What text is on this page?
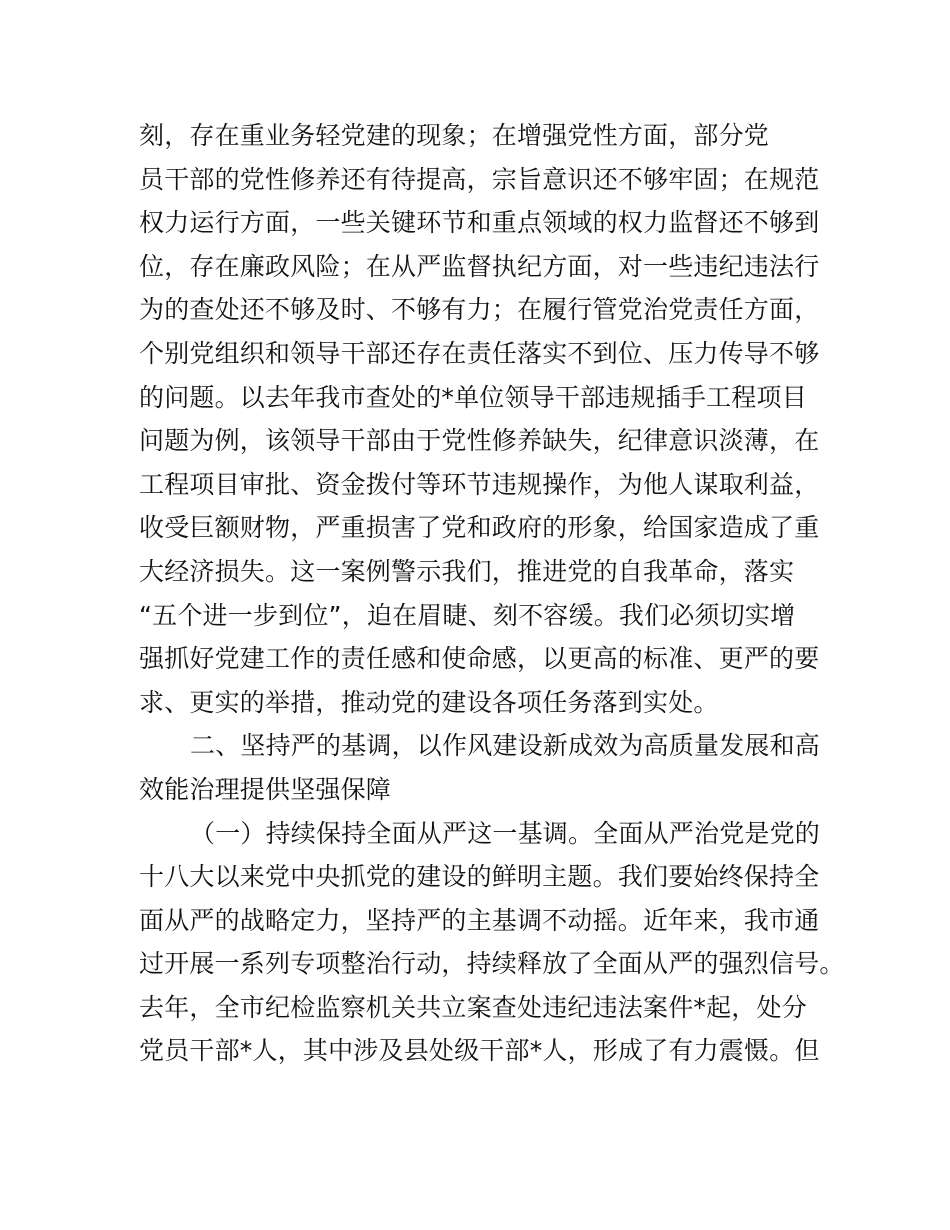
刻，存在重业务轻党建的现象；在增强党性方面，部分党
员干部的党性修养还有待提高，宗旨意识还不够牢固；在规范
权力运行方面，一些关键环节和重点领域的权力监督还不够到
位，存在廉政风险；在从严监督执纪方面，对一些违纪违法行
为的查处还不够及时、不够有力；在履行管党治党责任方面，
个别党组织和领导干部还存在责任落实不到位、压力传导不够
的问题。以去年我市查处的*单位领导干部违规插手工程项目
问题为例，该领导干部由于党性修养缺失，纪律意识淡薄，在
工程项目审批、资金拨付等环节违规操作，为他人谋取利益，
收受巨额财物，严重损害了党和政府的形象，给国家造成了重
大经济损失。这一案例警示我们，推进党的自我革命，落实
“五个进一步到位”，迫在眉睫、刻不容缓。我们必须切实增
强抓好党建工作的责任感和使命感，以更高的标准、更严的要
求、更实的举措，推动党的建设各项任务落到实处。
二、坚持严的基调，以作风建设新成效为高质量发展和高
效能治理提供坚强保障
（一）持续保持全面从严这一基调。全面从严治党是党的
十八大以来党中央抓党的建设的鲜明主题。我们要始终保持全
面从严的战略定力，坚持严的主基调不动摇。近年来，我市通
过开展一系列专项整治行动，持续释放了全面从严的强烈信号。
去年，全市纪检监察机关共立案查处违纪违法案件*起，处分
党员干部*人，其中涉及县处级干部*人，形成了有力震慑。但
